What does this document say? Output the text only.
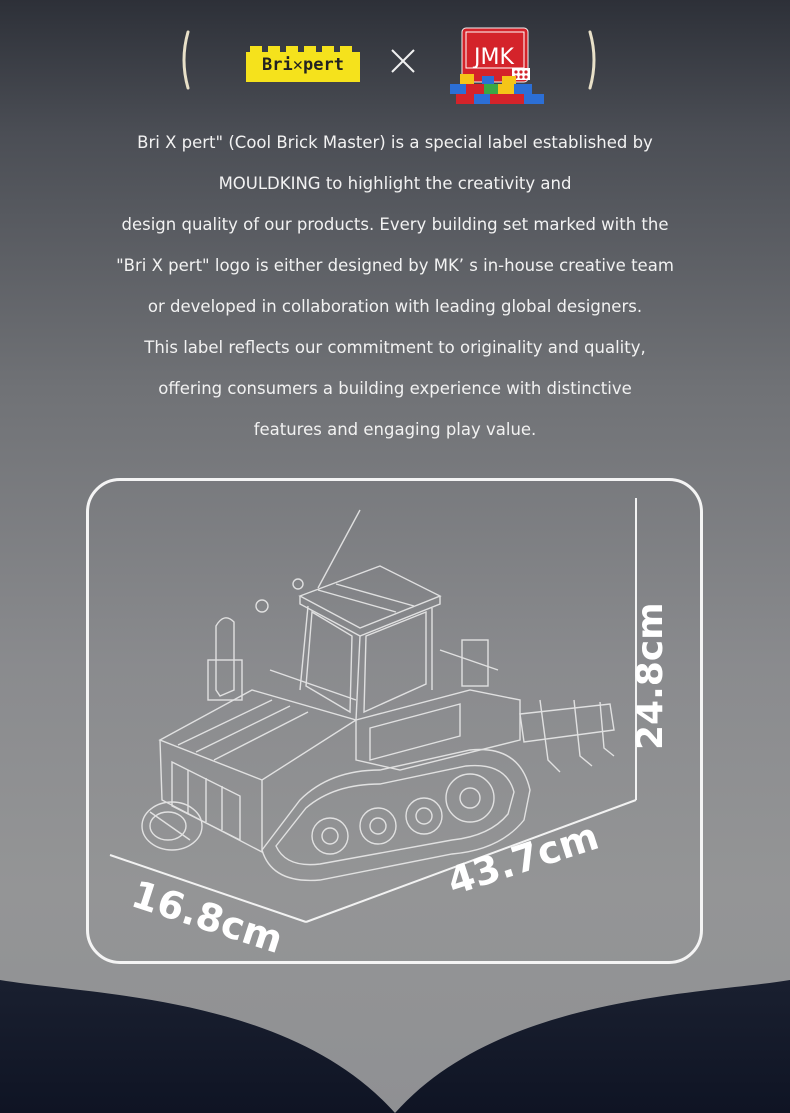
Bri✕pert	JMK
Bri X pert" (Cool Brick Master) is a special label established by
MOULDKING to highlight the creativity and
design quality of our products. Every building set marked with the
"Bri X pert" logo is either designed by MK’ s in-house creative team
or developed in collaboration with leading global designers.
This label reflects our commitment to originality and quality,
offering consumers a building experience with distinctive
features and engaging play value.
24.8cm
43.7cm
16.8cm
